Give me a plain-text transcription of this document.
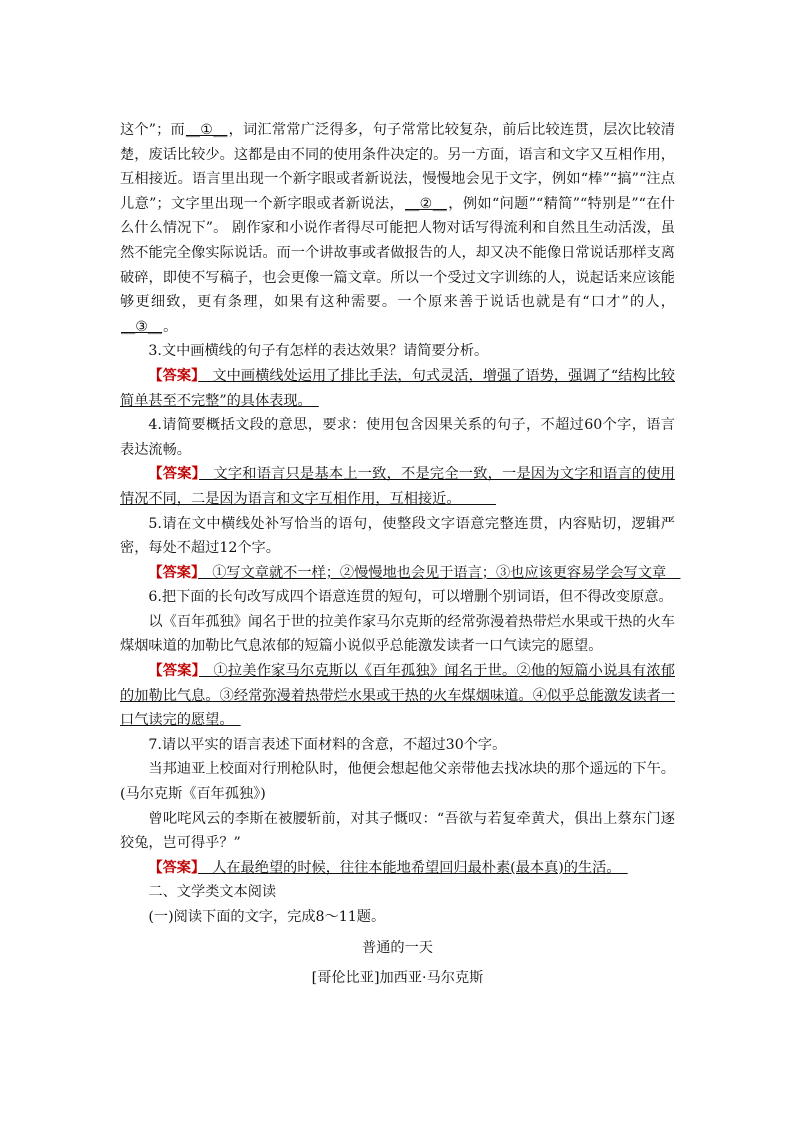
这个”；而__①__，词汇常常广泛得多，句子常常比较复杂，前后比较连贯，层次比较清楚，废话比较少。这都是由不同的使用条件决定的。另一方面，语言和文字又互相作用，互相接近。语言里出现一个新字眼或者新说法，慢慢地会见于文字，例如“棒”“搞”“注点儿意”；文字里出现一个新字眼或者新说法，__②__，例如“问题”“精简”“特别是”“在什么什么情况下”。 剧作家和小说作者得尽可能把人物对话写得流利和自然且生动活泼，虽然不能完全像实际说话。而一个讲故事或者做报告的人，却又决不能像日常说话那样支离破碎，即使不写稿子，也会更像一篇文章。所以一个受过文字训练的人，说起话来应该能够更细致，更有条理，如果有这种需要。一个原来善于说话也就是有“口才”的人，__③__。

3.文中画横线的句子有怎样的表达效果？请简要分析。

【答案】　文中画横线处运用了排比手法，句式灵活，增强了语势，强调了“结构比较简单甚至不完整”的具体表现。　

4.请简要概括文段的意思，要求：使用包含因果关系的句子，不超过60个字，语言表达流畅。

【答案】　文字和语言只是基本上一致，不是完全一致，一是因为文字和语言的使用情况不同，二是因为语言和文字互相作用，互相接近。　　　

5.请在文中横线处补写恰当的语句，使整段文字语意完整连贯，内容贴切，逻辑严密，每处不超过12个字。

【答案】　①写文章就不一样；②慢慢地也会见于语言；③也应该更容易学会写文章　

6.把下面的长句改写成四个语意连贯的短句，可以增删个别词语，但不得改变原意。

以《百年孤独》闻名于世的拉美作家马尔克斯的经常弥漫着热带烂水果或干热的火车煤烟味道的加勒比气息浓郁的短篇小说似乎总能激发读者一口气读完的愿望。

【答案】　①拉美作家马尔克斯以《百年孤独》闻名于世。②他的短篇小说具有浓郁的加勒比气息。③经常弥漫着热带烂水果或干热的火车煤烟味道。④似乎总能激发读者一口气读完的愿望。　

7.请以平实的语言表述下面材料的含意，不超过30个字。

当邦迪亚上校面对行刑枪队时，他便会想起他父亲带他去找冰块的那个遥远的下午。(马尔克斯《百年孤独》)

曾叱咤风云的李斯在被腰斩前，对其子慨叹：“吾欲与若复牵黄犬，俱出上蔡东门逐狡兔，岂可得乎？”

【答案】　人在最绝望的时候，往往本能地希望回归最朴素(最本真)的生活。　

二、文学类文本阅读

(一)阅读下面的文字，完成8～11题。

普通的一天

[哥伦比亚]加西亚·马尔克斯
